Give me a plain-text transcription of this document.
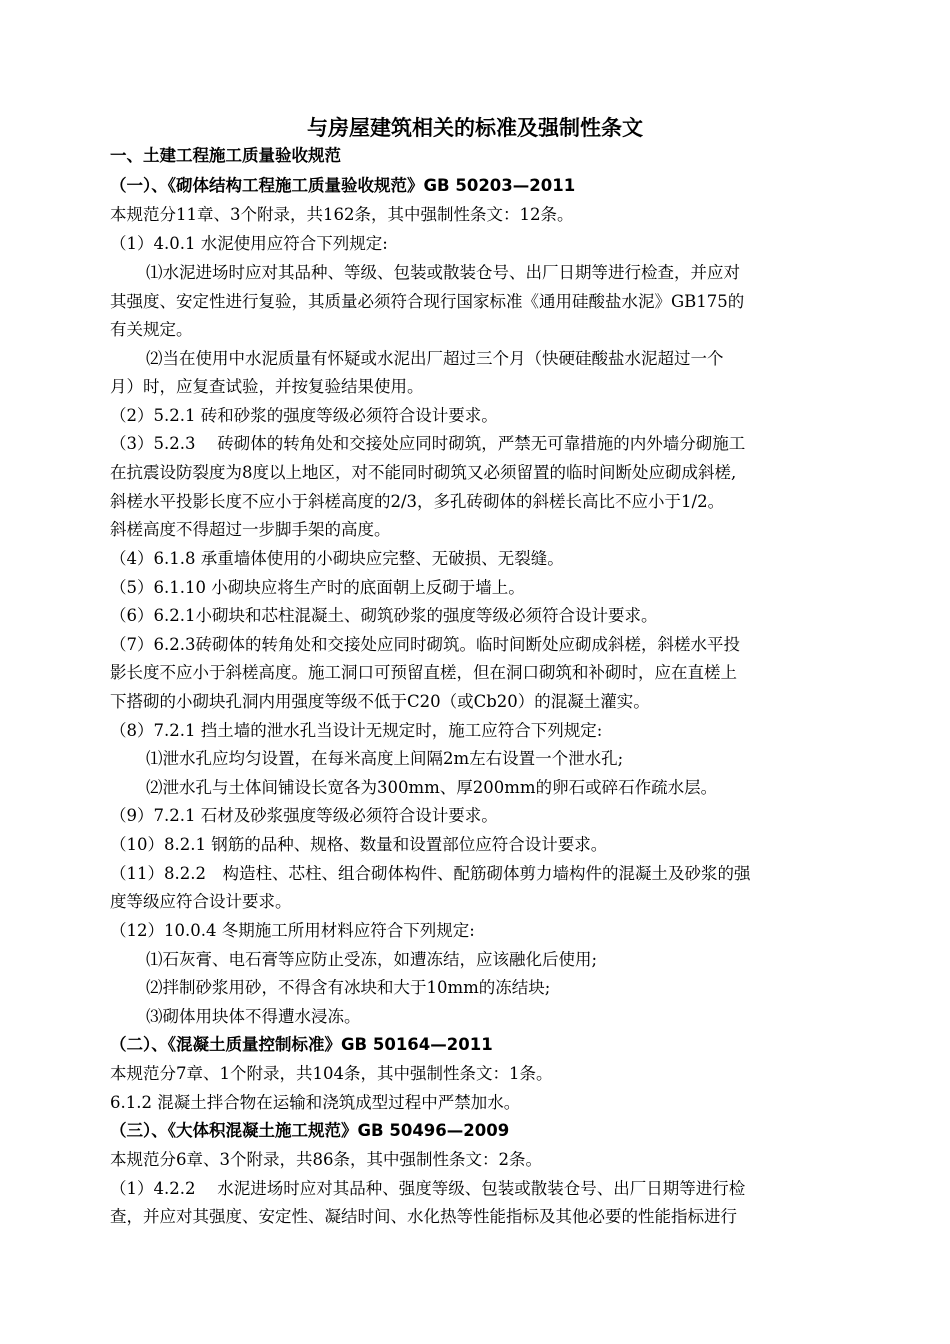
与房屋建筑相关的标准及强制性条文
一、土建工程施工质量验收规范
（一）、《砌体结构工程施工质量验收规范》GB 50203—2011
本规范分11章、3个附录，共162条，其中强制性条文：12条。
（1）4.0.1 水泥使用应符合下列规定:
⑴水泥进场时应对其品种、等级、包装或散装仓号、出厂日期等进行检查，并应对
其强度、安定性进行复验，其质量必须符合现行国家标准《通用硅酸盐水泥》GB175的
有关规定。
⑵当在使用中水泥质量有怀疑或水泥出厂超过三个月（快硬硅酸盐水泥超过一个
月）时，应复查试验，并按复验结果使用。
（2）5.2.1 砖和砂浆的强度等级必须符合设计要求。
（3）5.2.3　 砖砌体的转角处和交接处应同时砌筑，严禁无可靠措施的内外墙分砌施工
在抗震设防裂度为8度以上地区，对不能同时砌筑又必须留置的临时间断处应砌成斜槎,
斜槎水平投影长度不应小于斜槎高度的2/3，多孔砖砌体的斜槎长高比不应小于1/2。
斜槎高度不得超过一步脚手架的高度。
（4）6.1.8 承重墙体使用的小砌块应完整、无破损、无裂缝。
（5）6.1.10 小砌块应将生产时的底面朝上反砌于墙上。
（6）6.2.1小砌块和芯柱混凝土、砌筑砂浆的强度等级必须符合设计要求。
（7）6.2.3砖砌体的转角处和交接处应同时砌筑。临时间断处应砌成斜槎，斜槎水平投
影长度不应小于斜槎高度。施工洞口可预留直槎，但在洞口砌筑和补砌时，应在直槎上
下搭砌的小砌块孔洞内用强度等级不低于C20（或Cb20）的混凝土灌实。
（8）7.2.1 挡土墙的泄水孔当设计无规定时，施工应符合下列规定:
⑴泄水孔应均匀设置，在每米高度上间隔2m左右设置一个泄水孔;
⑵泄水孔与土体间铺设长宽各为300mm、厚200mm的卵石或碎石作疏水层。
（9）7.2.1 石材及砂浆强度等级必须符合设计要求。
（10）8.2.1 钢筋的品种、规格、数量和设置部位应符合设计要求。
（11）8.2.2　构造柱、芯柱、组合砌体构件、配筋砌体剪力墙构件的混凝土及砂浆的强
度等级应符合设计要求。
（12）10.0.4 冬期施工所用材料应符合下列规定:
⑴石灰膏、电石膏等应防止受冻，如遭冻结，应该融化后使用;
⑵拌制砂浆用砂，不得含有冰块和大于10mm的冻结块;
⑶砌体用块体不得遭水浸冻。
（二）、《混凝土质量控制标准》GB 50164—2011
本规范分7章、1个附录，共104条，其中强制性条文：1条。
6.1.2 混凝土拌合物在运输和浇筑成型过程中严禁加水。
（三）、《大体积混凝土施工规范》GB 50496—2009
本规范分6章、3个附录，共86条，其中强制性条文：2条。
（1）4.2.2　 水泥进场时应对其品种、强度等级、包装或散装仓号、出厂日期等进行检
查，并应对其强度、安定性、凝结时间、水化热等性能指标及其他必要的性能指标进行
